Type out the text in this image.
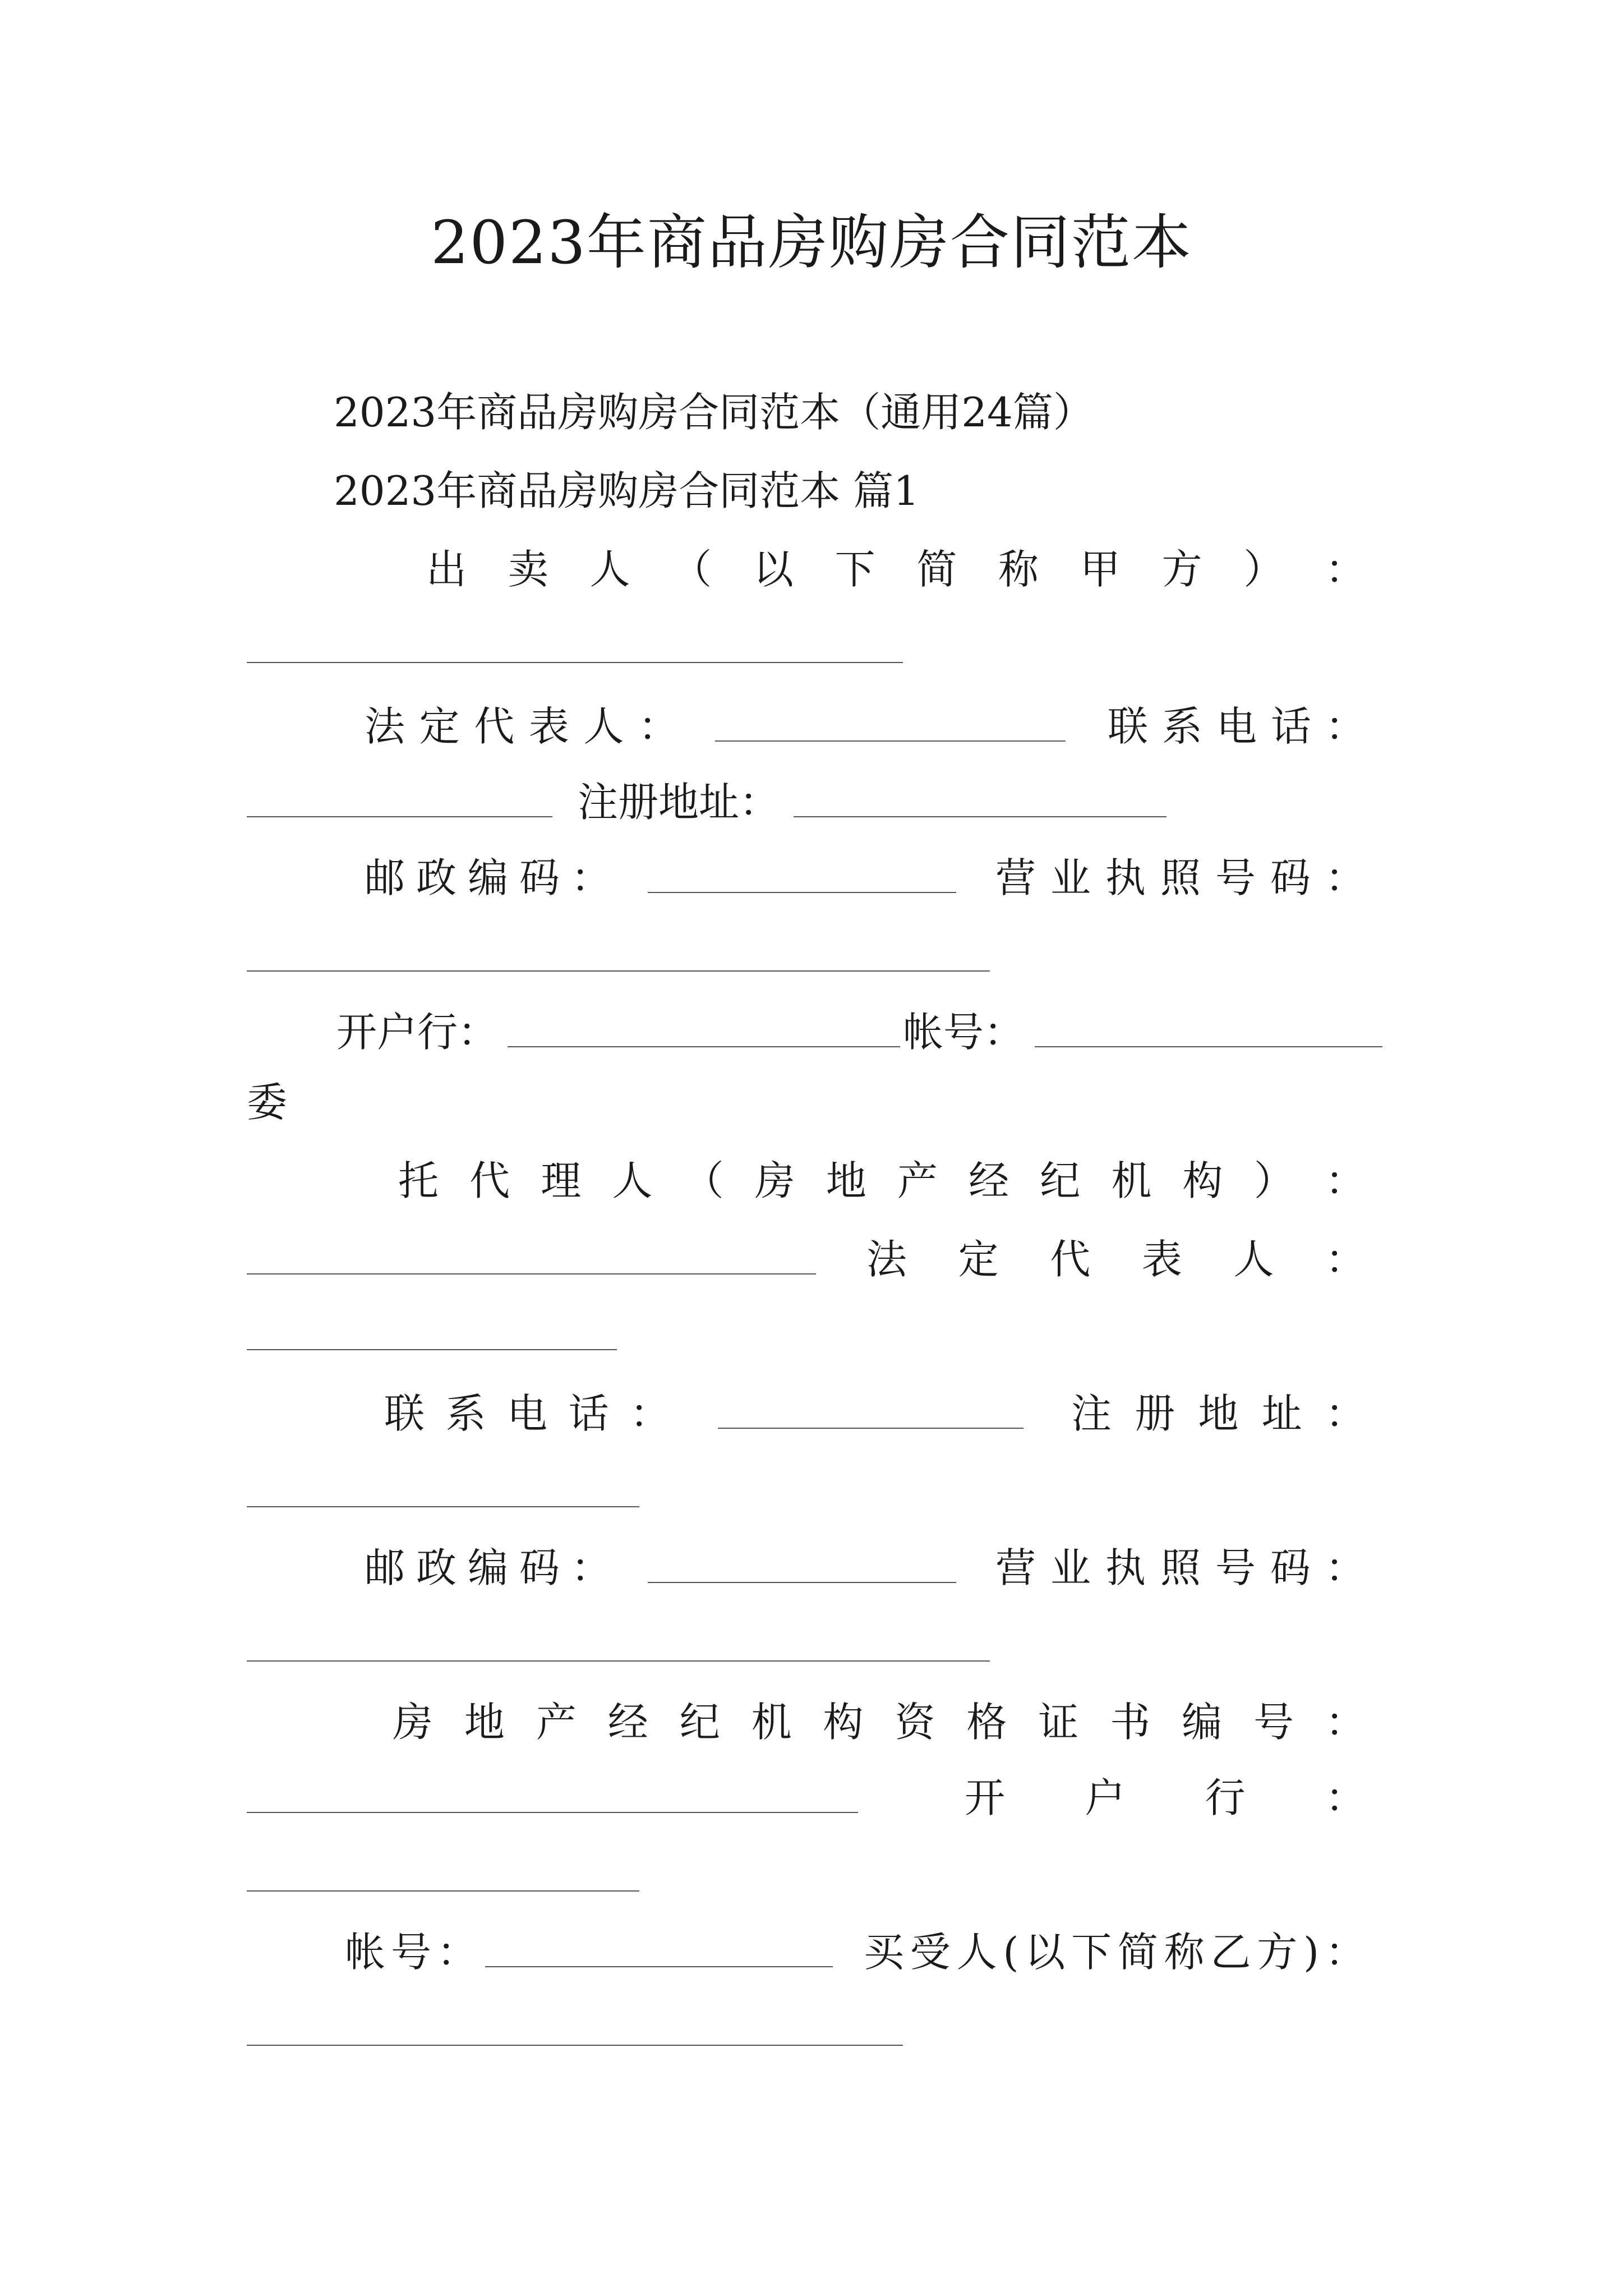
2023年商品房购房合同范本
2023年商品房购房合同范本（通用24篇）
2023年商品房购房合同范本 篇1
出 卖 人 （ 以 下 简 称 甲 方 ） ：
法 定 代 表 人 ：	联 系 电 话 ：
注册地址：
邮 政 编 码 ：	营 业 执 照 号 码 ：
开户行：	帐号：
委
托 代 理 人 （ 房 地 产 经 纪 机 构 ） ：
法 定 代 表 人 ：
联 系 电 话 ：	注 册 地 址 ：
邮 政 编 码 ：	营 业 执 照 号 码 ：
房 地 产 经 纪 机 构 资 格 证 书 编 号 ：
开 户 行 ：
帐号：	买 受 人 ( 以 下 简 称 乙 方 ) ：
